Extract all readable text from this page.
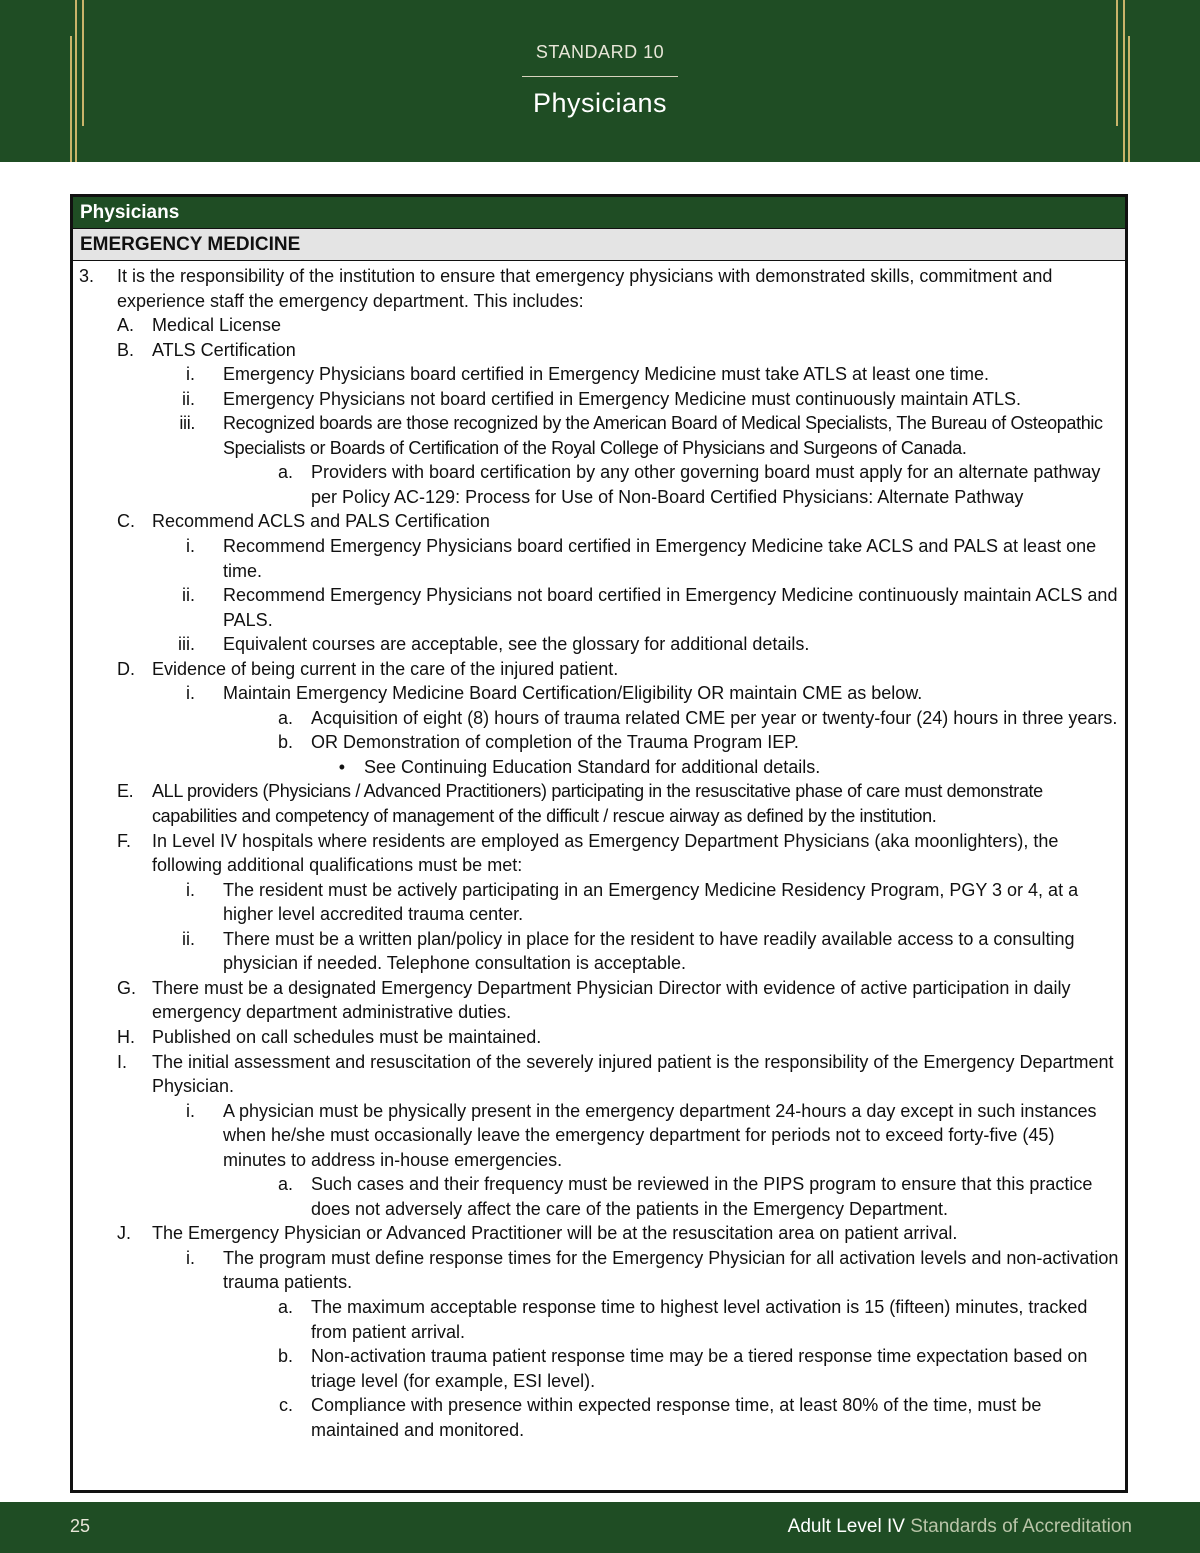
STANDARD 10
Physicians
Physicians
EMERGENCY MEDICINE
3. It is the responsibility of the institution to ensure that emergency physicians with demonstrated skills, commitment and experience staff the emergency department. This includes:
A. Medical License
B. ATLS Certification
i. Emergency Physicians board certified in Emergency Medicine must take ATLS at least one time.
ii. Emergency Physicians not board certified in Emergency Medicine must continuously maintain ATLS.
iii. Recognized boards are those recognized by the American Board of Medical Specialists, The Bureau of Osteopathic Specialists or Boards of Certification of the Royal College of Physicians and Surgeons of Canada.
a. Providers with board certification by any other governing board must apply for an alternate pathway per Policy AC-129: Process for Use of Non-Board Certified Physicians: Alternate Pathway
C. Recommend ACLS and PALS Certification
i. Recommend Emergency Physicians board certified in Emergency Medicine take ACLS and PALS at least one time.
ii. Recommend Emergency Physicians not board certified in Emergency Medicine continuously maintain ACLS and PALS.
iii. Equivalent courses are acceptable, see the glossary for additional details.
D. Evidence of being current in the care of the injured patient.
i. Maintain Emergency Medicine Board Certification/Eligibility OR maintain CME as below.
a. Acquisition of eight (8) hours of trauma related CME per year or twenty-four (24) hours in three years.
b. OR Demonstration of completion of the Trauma Program IEP.
• See Continuing Education Standard for additional details.
E.	ALL providers (Physicians / Advanced Practitioners) participating in the resuscitative phase of care must demonstrate capabilities and competency of management of the difficult / rescue airway as defined by the institution.
F.	In Level IV hospitals where residents are employed as Emergency Department Physicians (aka moonlighters), the following additional qualifications must be met:
i. The resident must be actively participating in an Emergency Medicine Residency Program, PGY 3 or 4, at a higher level accredited trauma center.
ii. There must be a written plan/policy in place for the resident to have readily available access to a consulting physician if needed. Telephone consultation is acceptable.
G. There must be a designated Emergency Department Physician Director with evidence of active participation in daily emergency department administrative duties.
H. Published on call schedules must be maintained.
I.	The initial assessment and resuscitation of the severely injured patient is the responsibility of the Emergency Department Physician.
i. A physician must be physically present in the emergency department 24-hours a day except in such instances when he/she must occasionally leave the emergency department for periods not to exceed forty-five (45) minutes to address in-house emergencies.
a. Such cases and their frequency must be reviewed in the PIPS program to ensure that this practice does not adversely affect the care of the patients in the Emergency Department.
J.	The Emergency Physician or Advanced Practitioner will be at the resuscitation area on patient arrival.
i. The program must define response times for the Emergency Physician for all activation levels and non-activation trauma patients.
a. The maximum acceptable response time to highest level activation is 15 (fifteen) minutes, tracked from patient arrival.
b. Non-activation trauma patient response time may be a tiered response time expectation based on triage level (for example, ESI level).
c. Compliance with presence within expected response time, at least 80% of the time, must be maintained and monitored.
25	Adult Level IV Standards of Accreditation
